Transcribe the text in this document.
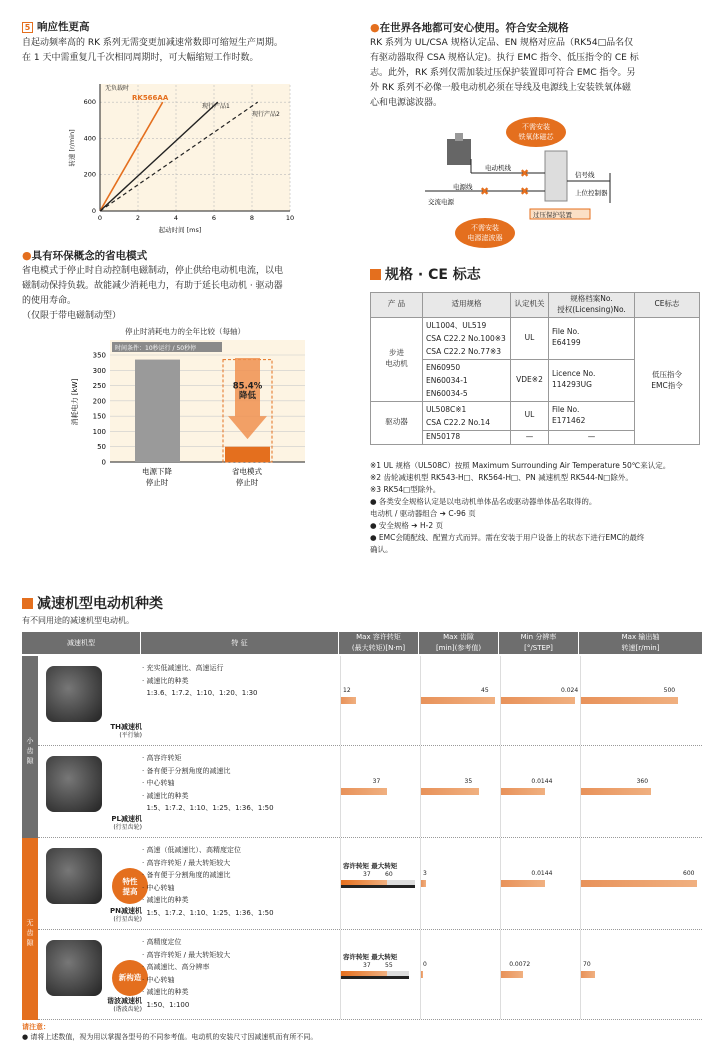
5 响应性更高
自起动频率高的 RK 系列无需变更加减速常数即可缩短生产周期。
在 1 天中需重复几千次相同周期时，可大幅缩短工作时数。
0	2	4	6	8	10
0
200
400
600
无负载时
起动时间 [ms]
转速 [r/min]
RK566AA
现行产品1
现行产品2
●具有环保概念的省电模式
省电模式于停止时自动控制电磁制动，停止供给电动机电流，以电
磁制动保持负载。故能减少消耗电力，有助于延长电动机 · 驱动器
的使用寿命。
（仅限于带电磁制动型）
停止时消耗电力的全年比较（每轴）
时间条件：10秒运行 / 50秒停
85.4%
降低
0
50
100
150
200
250
300
350
消耗电力 [kW]
电源下降
停止时
省电模式
停止时
●在世界各地都可安心使用。符合安全规格
RK 系列为 UL/CSA 规格认定品、EN 规格对应品（RK54□品名仅
有驱动器取得 CSA 规格认定)。执行 EMC 指令、低压指令的 CE 标
志。此外，RK 系列仅需加装过压保护装置即可符合 EMC 指令。另
外 RK 系列不必像一般电动机必须在导线及电源线上安装铁氧体磁
心和电源滤波器。
不需安装
铁氧体磁芯
电动机线
电源线
交流电源
信号线
上位控制器
✖
✖
✖
过压保护装置
不需安装
电源滤波器
规格 · CE 标志
产 品	适用规格	认定机关	规格档案No.
授权(Licensing)No.	CE标志
步进
电动机	UL1004、UL519
CSA C22.2 No.100※3
CSA C22.2 No.77※3	UL	File No.
E64199	低压指令
EMC指令
	EN60950
EN60034-1
EN60034-5	VDE※2	Licence No.
114293UG	
驱动器	UL508C※1
CSA C22.2 No.14	UL	File No.
E171462	
	EN50178	—	—	
※1 UL 规格（UL508C）按照 Maximum Surrounding Air Temperature 50℃来认定。
※2 齿轮减速机型 RK543-H□、RK564-H□、PN 减速机型 RK544-N□除外。
※3 RK54□型除外。
● 各类安全规格认定是以电动机单体品名或驱动器单体品名取得的。
电动机 / 驱动器组合 ➔ C-96 页
● 安全规格 ➔ H-2 页
● EMC会随配线、配置方式而异。需在安装于用户设备上的状态下进行EMC的最终
确认。
减速机型电动机种类
有不同用途的减速机型电动机。
减速机型	特 征
Max 容许转矩
(最大转矩)[N·m]
Max 齿隙
[min](参考值)
Min 分辨率
[°/STEP]
Max 输出轴
转速[r/min]
小
齿
隙
无
齿
隙
TH减速机
(平行轴)
· 充实低减速比、高速运行
· 减速比的种类
1:3.6、1:7.2、1:10、1:20、1:30	12	45	0.024	500
PL减速机
(行星齿轮)
· 高容许转矩
· 备有便于分割角度的减速比
· 中心转轴
· 减速比的种类
1:5、1:7.2、1:10、1:25、1:36、1:50
37	35	0.0144	360
PN减速机
(行星齿轮)
特性
提高
· 高速（低减速比）、高精度定位
· 高容许转矩 / 最大转矩较大
· 备有便于分割角度的减速比
· 中心转轴
· 减速比的种类
1:5、1:7.2、1:10、1:25、1:36、1:50
容许转矩 最大转矩
37 60	3	0.0144	600
谐波减速机
(谐波齿轮)
新构造
· 高精度定位
· 高容许转矩 / 最大转矩较大
· 高减速比、高分辨率
· 中心转轴
· 减速比的种类
1:50、1:100
容许转矩 最大转矩
37 55	0	0.0072	70
请注意：
● 请将上述数值，视为用以掌握各型号的不同参考值。电动机的安装尺寸因减速机而有所不同。
